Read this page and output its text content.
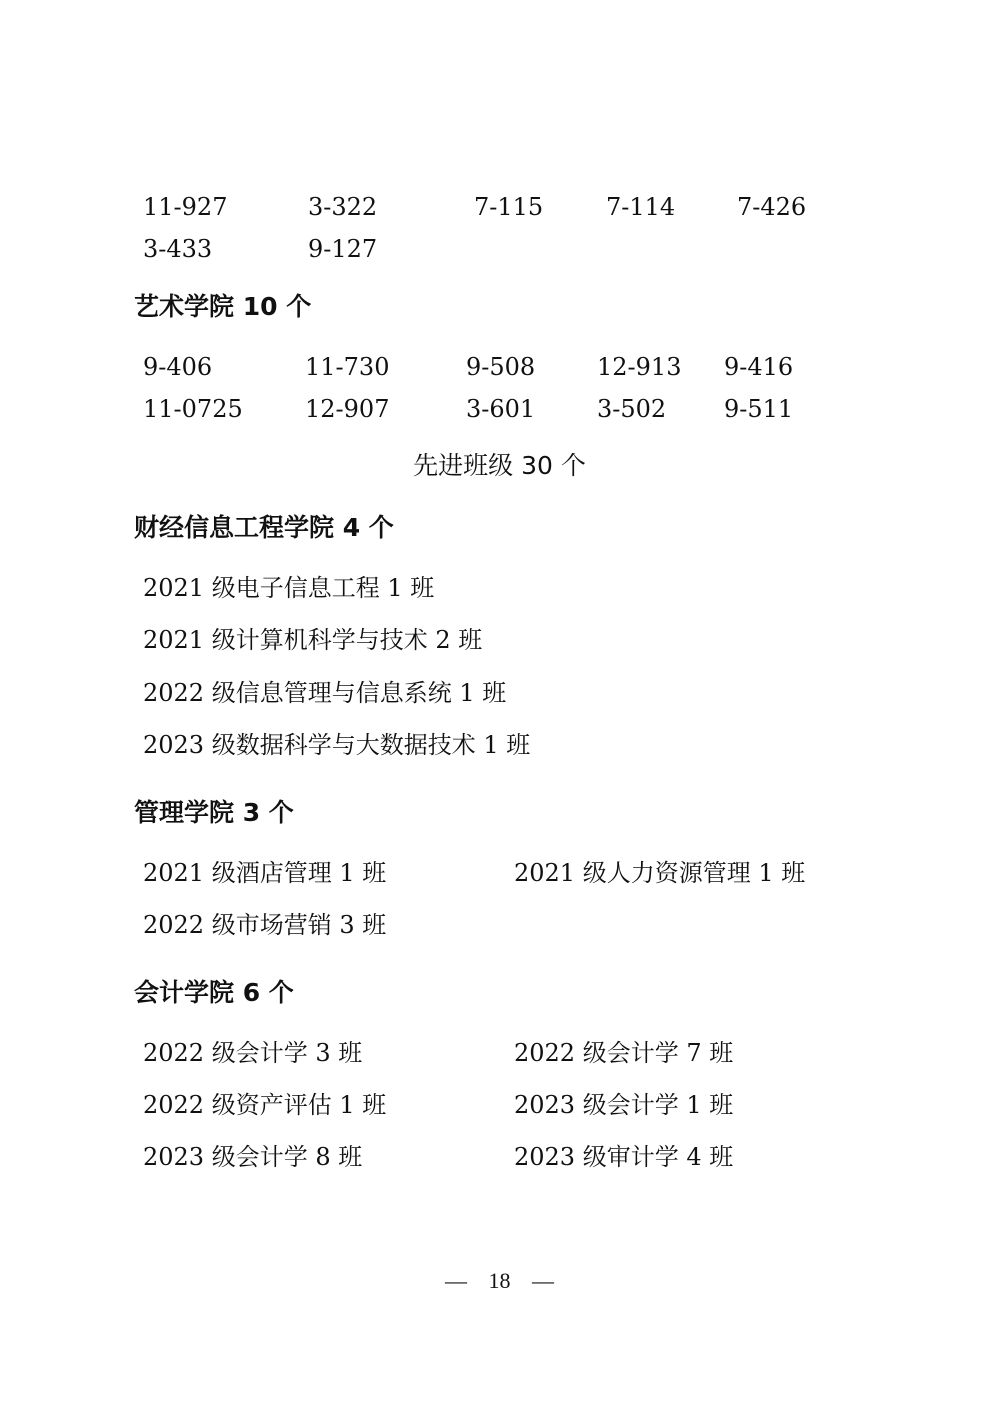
11-927	3-322	7-115	7-114	7-426
3-433	9-127
艺术学院 10 个
9-406	11-730	9-508	12-913 9-416
11-0725	12-907	3-601	3-502 9-511
先进班级 30 个
财经信息工程学院 4 个
2021 级电子信息工程 1 班
2021 级计算机科学与技术 2 班
2022 级信息管理与信息系统 1 班
2023 级数据科学与大数据技术 1 班
管理学院 3 个
2021 级酒店管理 1 班	2021 级人力资源管理 1 班
2022 级市场营销 3 班
会计学院 6 个
2022 级会计学 3 班	2022 级会计学 7 班
2022 级资产评估 1 班	2023 级会计学 1 班
2023 级会计学 8 班	2023 级审计学 4 班
— 18 —
